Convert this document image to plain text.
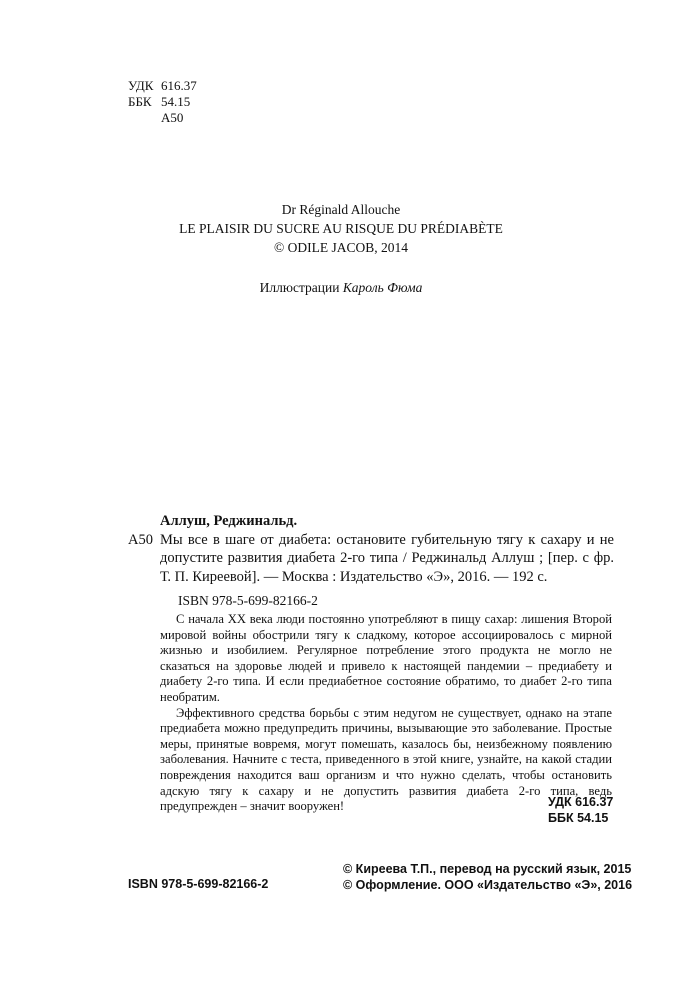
УДК 616.37
ББК 54.15
А50
Dr Réginald Allouche
LE PLAISIR DU SUCRE AU RISQUE DU PRÉDIABÈTE
© ODILE JACOB, 2014
Иллюстрации Кароль Фюма
Аллуш, Реджинальд.
А50 Мы все в шаге от диабета: остановите губительную тягу к сахару и не допустите развития диабета 2-го типа / Реджинальд Аллуш ; [пер. с фр. Т. П. Киреевой]. — Москва : Издательство «Э», 2016. — 192 с.
ISBN 978-5-699-82166-2

С начала XX века люди постоянно употребляют в пищу сахар: лишения Второй мировой войны обострили тягу к сладкому, которое ассоциировалось с мирной жизнью и изобилием. Регулярное потребление этого продукта не могло не сказаться на здоровье людей и привело к настоящей пандемии – предиабету и диабету 2-го типа. И если предиабетное состояние обратимо, то диабет 2-го типа необратим.

Эффективного средства борьбы с этим недугом не существует, однако на этапе предиабета можно предупредить причины, вызывающие это заболевание. Простые меры, принятые вовремя, могут помешать, казалось бы, неизбежному появлению заболевания. Начните с теста, приведенного в этой книге, узнайте, на какой стадии повреждения находится ваш организм и что нужно сделать, чтобы остановить адскую тягу к сахару и не допустить развития диабета 2-го типа, ведь предупрежден – значит вооружен!	УДК 616.37
ББК 54.15
© Киреева Т.П., перевод на русский язык, 2015
© Оформление. ООО «Издательство «Э», 2016
ISBN 978-5-699-82166-2
